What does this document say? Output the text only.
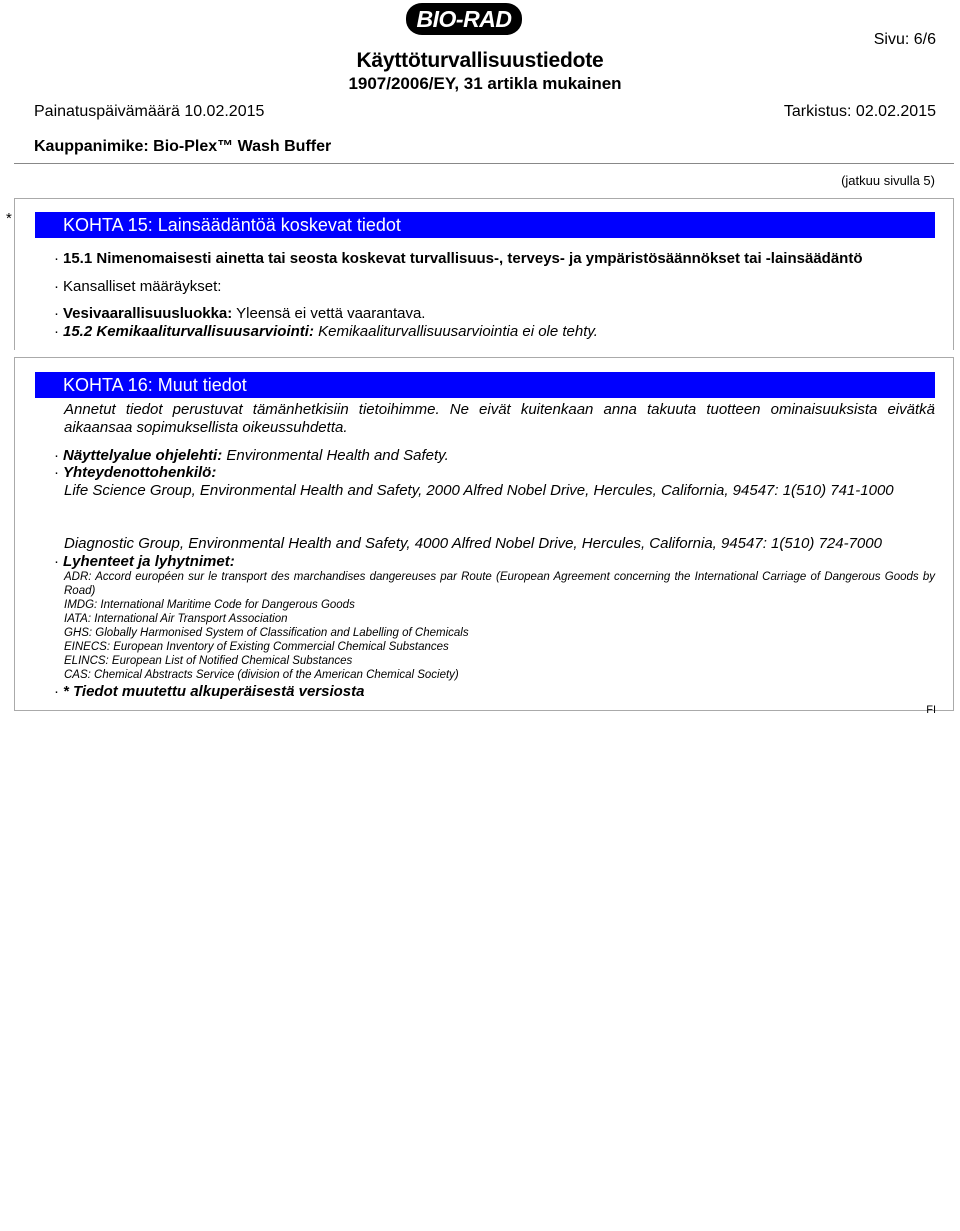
BIO-RAD
Sivu: 6/6
Käyttöturvallisuustiedote
1907/2006/EY, 31 artikla mukainen
Painatuspäivämäärä 10.02.2015	Tarkistus: 02.02.2015
Kauppanimike: Bio-Plex™ Wash Buffer
(jatkuu sivulla 5)
*	KOHTA 15: Lainsäädäntöä koskevat tiedot
· 15.1 Nimenomaisesti ainetta tai seosta koskevat turvallisuus-, terveys- ja ympäristösäännökset tai -lainsäädäntö
· Kansalliset määräykset:
· Vesivaarallisuusluokka: Yleensä ei vettä vaarantava.
· 15.2 Kemikaaliturvallisuusarviointi: Kemikaaliturvallisuusarviointia ei ole tehty.
KOHTA 16: Muut tiedot
Annetut tiedot perustuvat tämänhetkisiin tietoihimme. Ne eivät kuitenkaan anna takuuta tuotteen ominaisuuksista eivätkä aikaansaa sopimuksellista oikeussuhdetta.
· Näyttelyalue ohjelehti: Environmental Health and Safety.
· Yhteydenottohenkilö:
Life Science Group, Environmental Health and Safety, 2000 Alfred Nobel Drive, Hercules, California, 94547: 1(510) 741-1000
Diagnostic Group, Environmental Health and Safety, 4000 Alfred Nobel Drive, Hercules, California, 94547: 1(510) 724-7000
· Lyhenteet ja lyhytnimet:
ADR: Accord européen sur le transport des marchandises dangereuses par Route (European Agreement concerning the International Carriage of Dangerous Goods by Road)
IMDG: International Maritime Code for Dangerous Goods
IATA: International Air Transport Association
GHS: Globally Harmonised System of Classification and Labelling of Chemicals
EINECS: European Inventory of Existing Commercial Chemical Substances
ELINCS: European List of Notified Chemical Substances
CAS: Chemical Abstracts Service (division of the American Chemical Society)
· * Tiedot muutettu alkuperäisestä versiosta
FI
